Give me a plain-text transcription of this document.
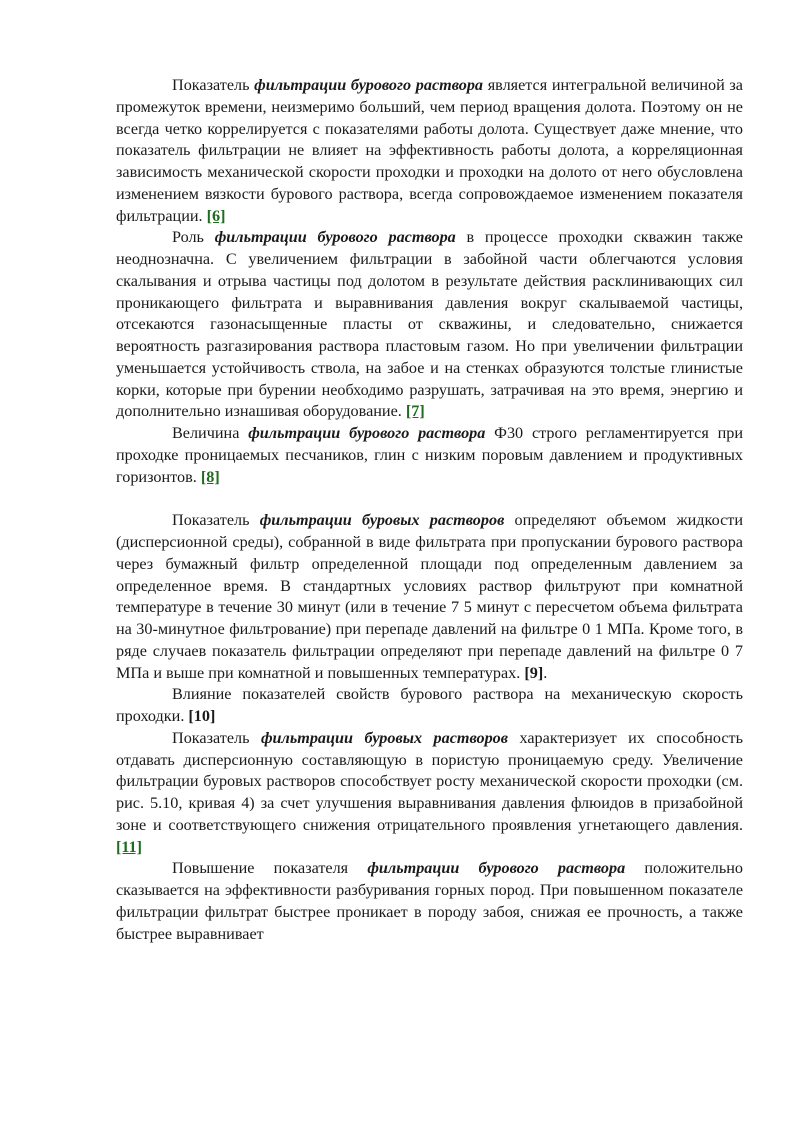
Показатель фильтрации бурового раствора является интегральной величиной за промежуток времени, неизмеримо больший, чем период вращения долота. Поэтому он не всегда четко коррелируется с показателями работы долота. Существует даже мнение, что показатель фильтрации не влияет на эффективность работы долота, а корреляционная зависимость механической скорости проходки и проходки на долото от него обусловлена изменением вязкости бурового раствора, всегда сопровождаемое изменением показателя фильтрации. [6]

Роль фильтрации бурового раствора в процессе проходки скважин также неоднозначна. С увеличением фильтрации в забойной части облегчаются условия скалывания и отрыва частицы под долотом в результате действия расклинивающих сил проникающего фильтрата и выравнивания давления вокруг скалываемой частицы, отсекаются газонасыщенные пласты от скважины, и следовательно, снижается вероятность разгазирования раствора пластовым газом. Но при увеличении фильтрации уменьшается устойчивость ствола, на забое и на стенках образуются толстые глинистые корки, которые при бурении необходимо разрушать, затрачивая на это время, энергию и дополнительно изнашивая оборудование. [7]

Величина фильтрации бурового раствора Ф30 строго регламентируется при проходке проницаемых песчаников, глин с низким поровым давлением и продуктивных горизонтов. [8]

Показатель фильтрации буровых растворов определяют объемом жидкости (дисперсионной среды), собранной в виде фильтрата при пропускании бурового раствора через бумажный фильтр определенной площади под определенным давлением за определенное время. В стандартных условиях раствор фильтруют при комнатной температуре в течение 30 минут (или в течение 7 5 минут с пересчетом объема фильтрата на 30-минутное фильтрование) при перепаде давлений на фильтре 0 1 МПа. Кроме того, в ряде случаев показатель фильтрации определяют при перепаде давлений на фильтре 0 7 МПа и выше при комнатной и повышенных температурах. [9].

Влияние показателей свойств бурового раствора на механическую скорость проходки. [10]

Показатель фильтрации буровых растворов характеризует их способность отдавать дисперсионную составляющую в пористую проницаемую среду. Увеличение фильтрации буровых растворов способствует росту механической скорости проходки (см. рис. 5.10, кривая 4) за счет улучшения выравнивания давления флюидов в призабойной зоне и соответствующего снижения отрицательного проявления угнетающего давления. [11]

Повышение показателя фильтрации бурового раствора положительно сказывается на эффективности разбуривания горных пород. При повышенном показателе фильтрации фильтрат быстрее проникает в породу забоя, снижая ее прочность, а также быстрее выравнивает
